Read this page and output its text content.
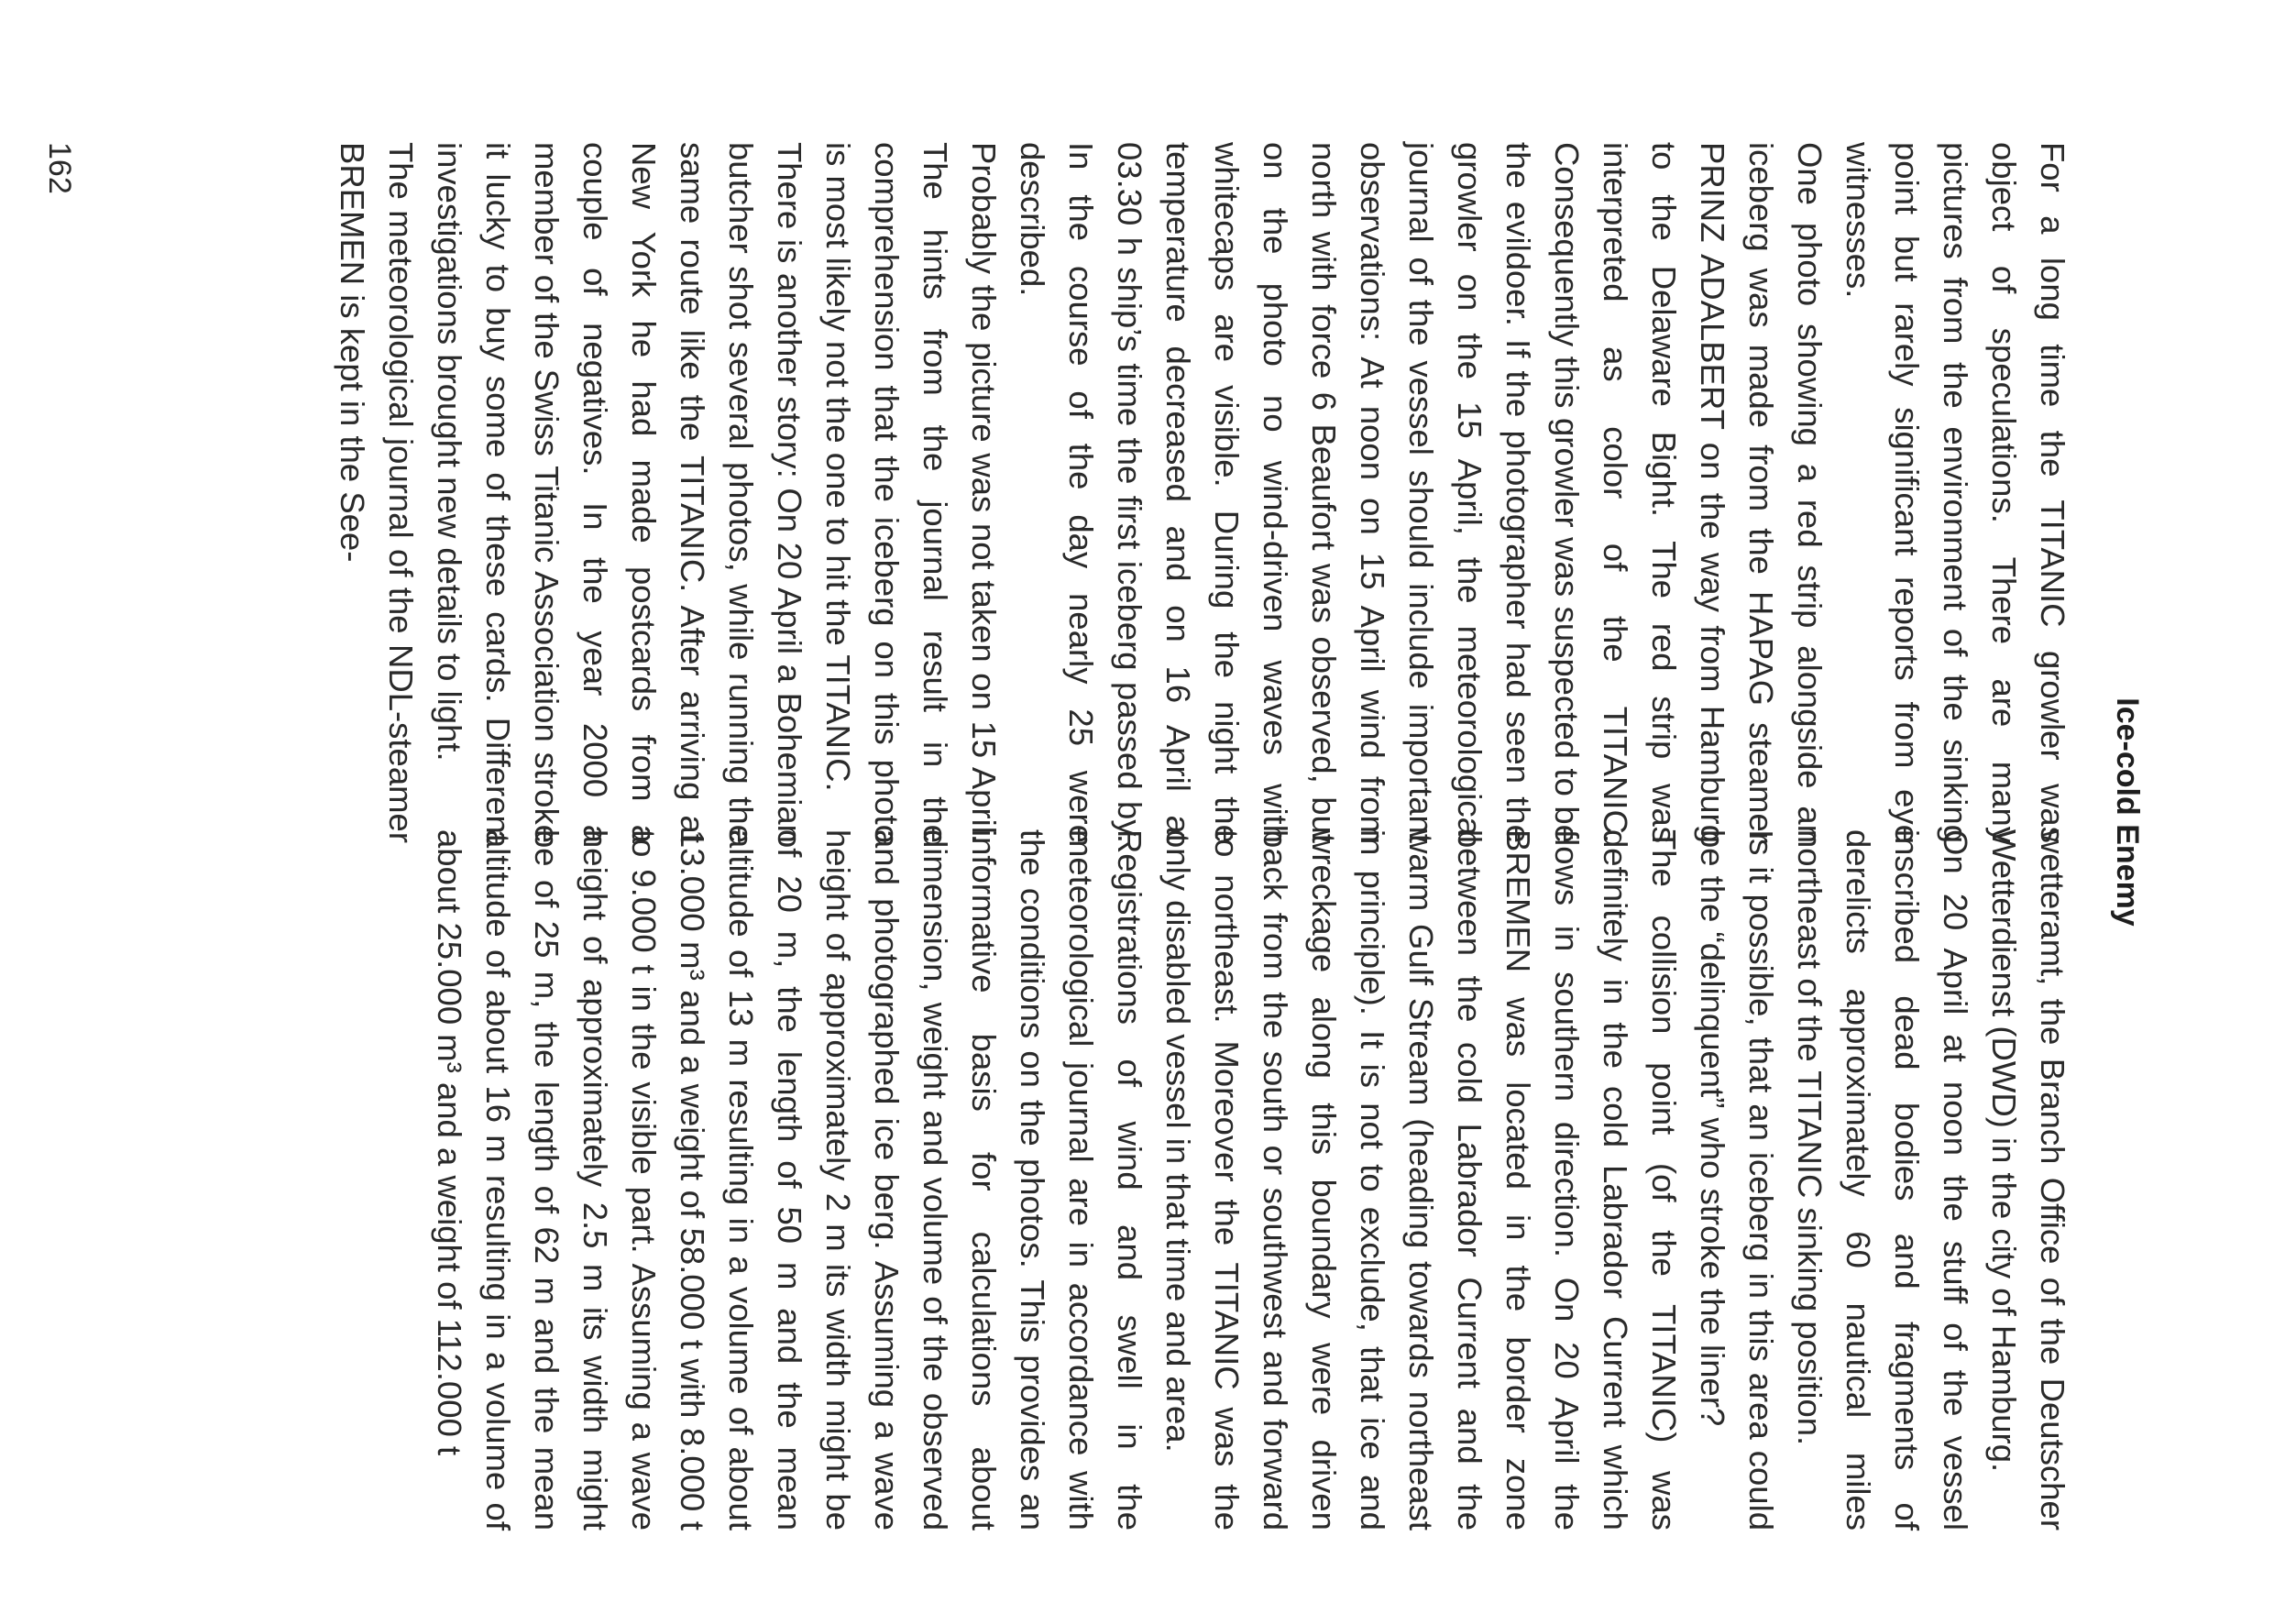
Ice-cold Enemy

For a long time the TITANIC growler was object of speculations. There are many pictures from the environment of the sinking point but rarely significant reports from eye witnesses.

One photo showing a red strip alongside an iceberg was made from the HAPAG steamer PRINZ ADALBERT on the way from Hamburg to the Delaware Bight. The red strip was interpreted as color of the TITANIC. Consequently this growler was suspected to be the evildoer. If the photographer had seen the growler on the 15 April, the meteorological journal of the vessel should include important observations: At noon on 15 April wind from north with force 6 Beaufort was observed, but on the photo no wind-driven waves with whitecaps are visible. During the night the temperature decreased and on 16 April at 03.30 h ship’s time the first iceberg passed by. In the course of the day nearly 25 were described.

Probably the picture was not taken on 15 April. The hints from the journal result in the comprehension that the iceberg on this photo is most likely not the one to hit the TITANIC.

There is another story: On 20 April a Bohemian butcher shot several photos, while running the same route like the TITANIC. After arriving at New York he had made postcards from a couple of negatives. In the year 2000 a member of the Swiss Titanic Association stroke it lucky to buy some of these cards. Different investigations brought new details to light.

The meteorological journal of the NDL-steamer BREMEN is kept in the See-

wetteramt, the Branch Office of the Deutscher Wetterdienst (DWD) in the city of Hamburg.

On 20 April at noon the stuff of the vessel inscribed dead bodies and fragments of derelicts approximately 60 nautical miles northeast of the TITANIC sinking position.

Is it possible, that an iceberg in this area could be the “delinquent” who stroke the liner?

The collision point (of the TITANIC) was definitely in the cold Labrador Current which flows in southern direction. On 20 April the BREMEN was located in the border zone between the cold Labrador Current and the warm Gulf Stream (heading towards northeast in principle). It is not to exclude, that ice and wreckage along this boundary were driven back from the south or southwest and forward to northeast. Moreover the TITANIC was the only disabled vessel in that time and area.

Registrations of wind and swell in the meteorological journal are in accordance with the conditions on the photos. This provides an informative basis for calculations about dimension, weight and volume of the observed and photographed ice berg. Assuming a wave height of approximately 2 m its width might be of 20 m, the length of 50 m and the mean altitude of 13 m resulting in a volume of about 13.000 m³ and a weight of 58.000 t with 8.000 t to 9.000 t in the visible part. Assuming a wave height of approximately 2.5 m its width might be of 25 m, the length of 62 m and the mean altitude of about 16 m resulting in a volume of about 25.000 m³ and a weight of 112.000 t

162
